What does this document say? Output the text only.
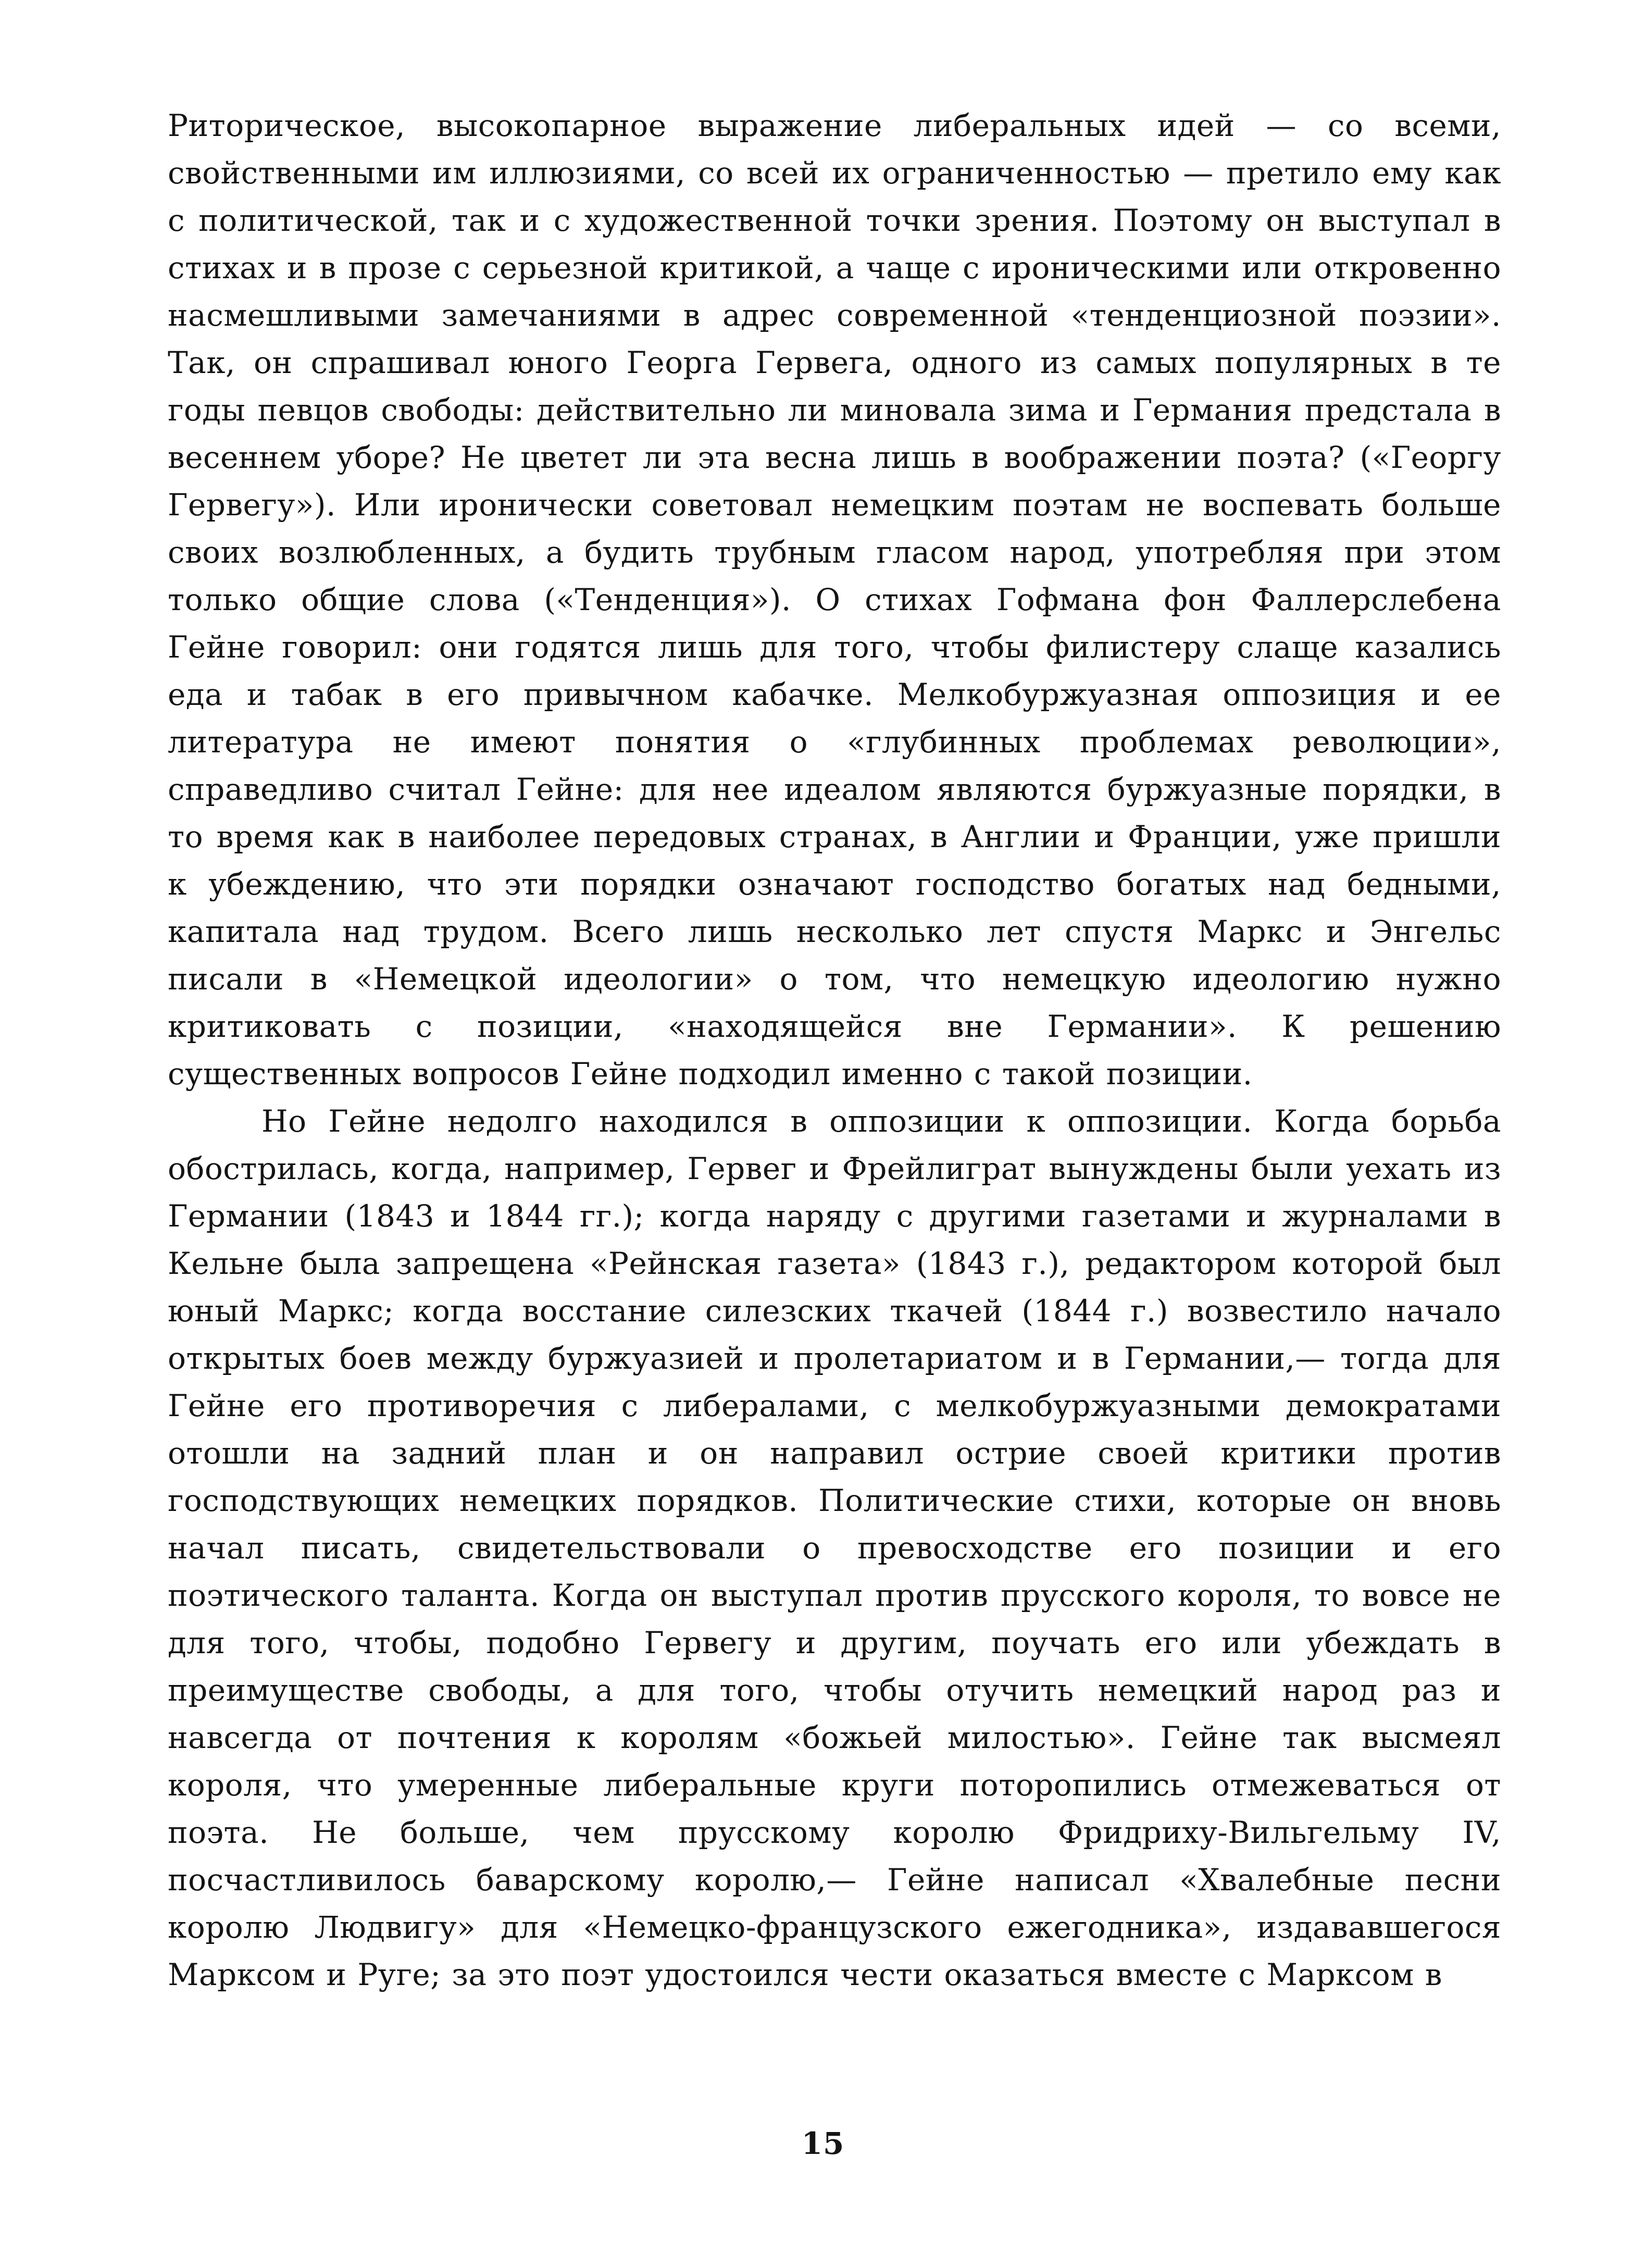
Риторическое, высокопарное выражение либеральных идей — со всеми, свойственными им иллюзиями, со всей их ограниченностью — претило ему как с политической, так и с художественной точки зрения. Поэтому он выступал в стихах и в прозе с серьезной критикой, а чаще с ироническими или откровенно насмешливыми замечаниями в адрес современной «тенденциозной поэзии». Так, он спрашивал юного Георга Гервега, одного из самых популярных в те годы певцов свободы: действительно ли миновала зима и Германия предстала в весеннем уборе? Не цветет ли эта весна лишь в воображении поэта? («Георгу Гервегу»). Или иронически советовал немецким поэтам не воспевать больше своих возлюбленных, а будить трубным гласом народ, употребляя при этом только общие слова («Тенденция»). О стихах Гофмана фон Фаллерслебена Гейне говорил: они годятся лишь для того, чтобы филистеру слаще казались еда и табак в его привычном кабачке. Мелкобуржуазная оппозиция и ее литература не имеют понятия о «глубинных проблемах революции», справедливо считал Гейне: для нее идеалом являются буржуазные порядки, в то время как в наиболее передовых странах, в Англии и Франции, уже пришли к убеждению, что эти порядки означают господство богатых над бедными, капитала над трудом. Всего лишь несколько лет спустя Маркс и Энгельс писали в «Немецкой идеологии» о том, что немецкую идеологию нужно критиковать с позиции, «находящейся вне Германии». К решению существенных вопросов Гейне подходил именно с такой позиции.

Но Гейне недолго находился в оппозиции к оппозиции. Когда борьба обострилась, когда, например, Гервег и Фрейлиграт вынуждены были уехать из Германии (1843 и 1844 гг.); когда наряду с другими газетами и журналами в Кельне была запрещена «Рейнская газета» (1843 г.), редактором которой был юный Маркс; когда восстание силезских ткачей (1844 г.) возвестило начало открытых боев между буржуазией и пролетариатом и в Германии,— тогда для Гейне его противоречия с либералами, с мелкобуржуазными демократами отошли на задний план и он направил острие своей критики против господствующих немецких порядков. Политические стихи, которые он вновь начал писать, свидетельствовали о превосходстве его позиции и его поэтического таланта. Когда он выступал против прусского короля, то вовсе не для того, чтобы, подобно Гервегу и другим, поучать его или убеждать в преимуществе свободы, а для того, чтобы отучить немецкий народ раз и навсегда от почтения к королям «божьей милостью». Гейне так высмеял короля, что умеренные либеральные круги поторопились отмежеваться от поэта. Не больше, чем прусскому королю Фридриху-Вильгельму IV, посчастливилось баварскому королю,— Гейне написал «Хвалебные песни королю Людвигу» для «Немецко-французского ежегодника», издававшегося Марксом и Руге; за это поэт удостоился чести оказаться вместе с Марксом в

15
